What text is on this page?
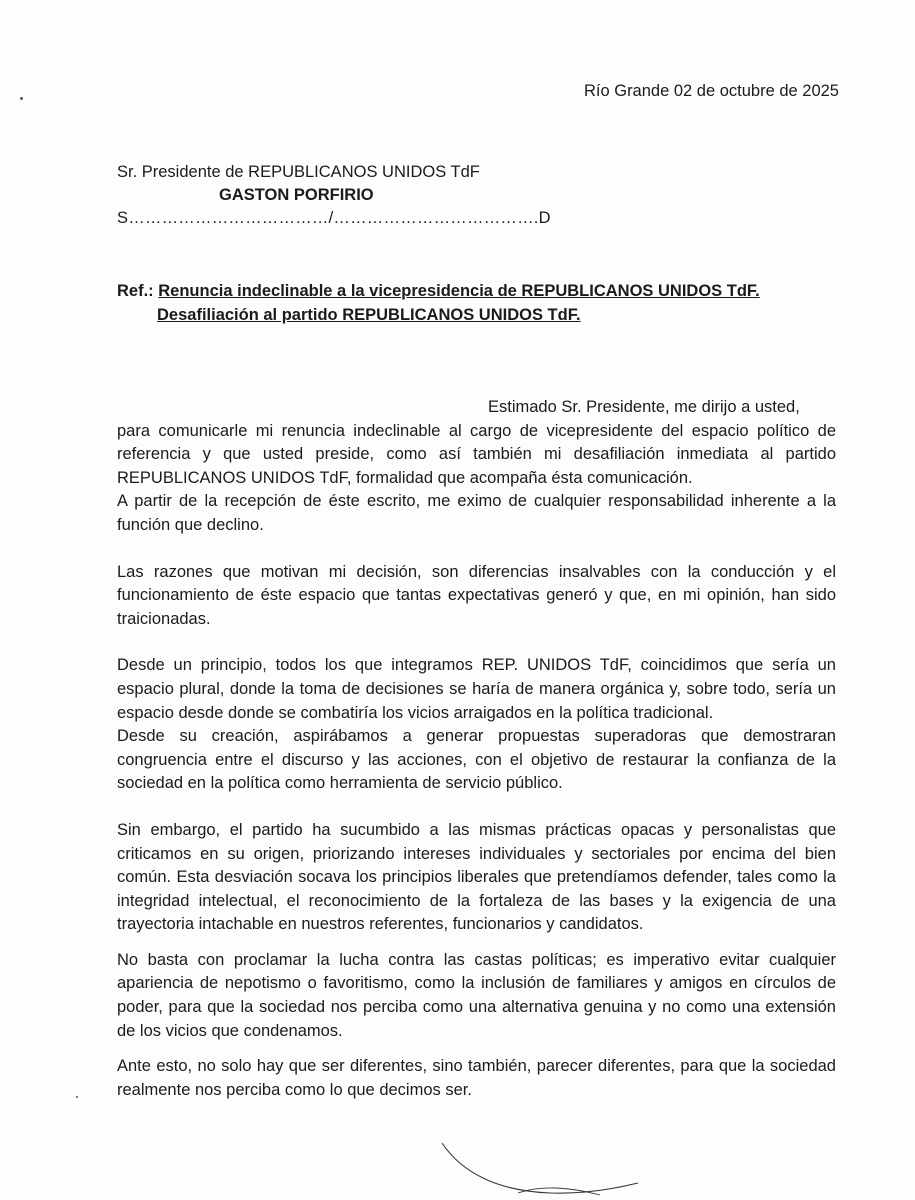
Río Grande 02 de octubre de 2025
Sr. Presidente de REPUBLICANOS UNIDOS TdF
GASTON PORFIRIO
S………………………………/……………………………….D
Ref.: Renuncia indeclinable a la vicepresidencia de REPUBLICANOS UNIDOS TdF.
Desafiliación al partido REPUBLICANOS UNIDOS TdF.

Estimado Sr. Presidente, me dirijo a usted,

para comunicarle mi renuncia indeclinable al cargo de vicepresidente del espacio político de referencia y que usted preside, como así también mi desafiliación inmediata al partido REPUBLICANOS UNIDOS TdF, formalidad que acompaña ésta comunicación.

A partir de la recepción de éste escrito, me eximo de cualquier responsabilidad inherente a la función que declino.

Las razones que motivan mi decisión, son diferencias insalvables con la conducción y el funcionamiento de éste espacio que tantas expectativas generó y que, en mi opinión, han sido traicionadas.

Desde un principio, todos los que integramos REP. UNIDOS TdF, coincidimos que sería un espacio plural, donde la toma de decisiones se haría de manera orgánica y, sobre todo, sería un espacio desde donde se combatiría los vicios arraigados en la política tradicional.

Desde su creación, aspirábamos a generar propuestas superadoras que demostraran congruencia entre el discurso y las acciones, con el objetivo de restaurar la confianza de la sociedad en la política como herramienta de servicio público.

Sin embargo, el partido ha sucumbido a las mismas prácticas opacas y personalistas que criticamos en su origen, priorizando intereses individuales y sectoriales por encima del bien común. Esta desviación socava los principios liberales que pretendíamos defender, tales como la integridad intelectual, el reconocimiento de la fortaleza de las bases y la exigencia de una trayectoria intachable en nuestros referentes, funcionarios y candidatos.

No basta con proclamar la lucha contra las castas políticas; es imperativo evitar cualquier apariencia de nepotismo o favoritismo, como la inclusión de familiares y amigos en círculos de poder, para que la sociedad nos perciba como una alternativa genuina y no como una extensión de los vicios que condenamos.

Ante esto, no solo hay que ser diferentes, sino también, parecer diferentes, para que la sociedad realmente nos perciba como lo que decimos ser.
